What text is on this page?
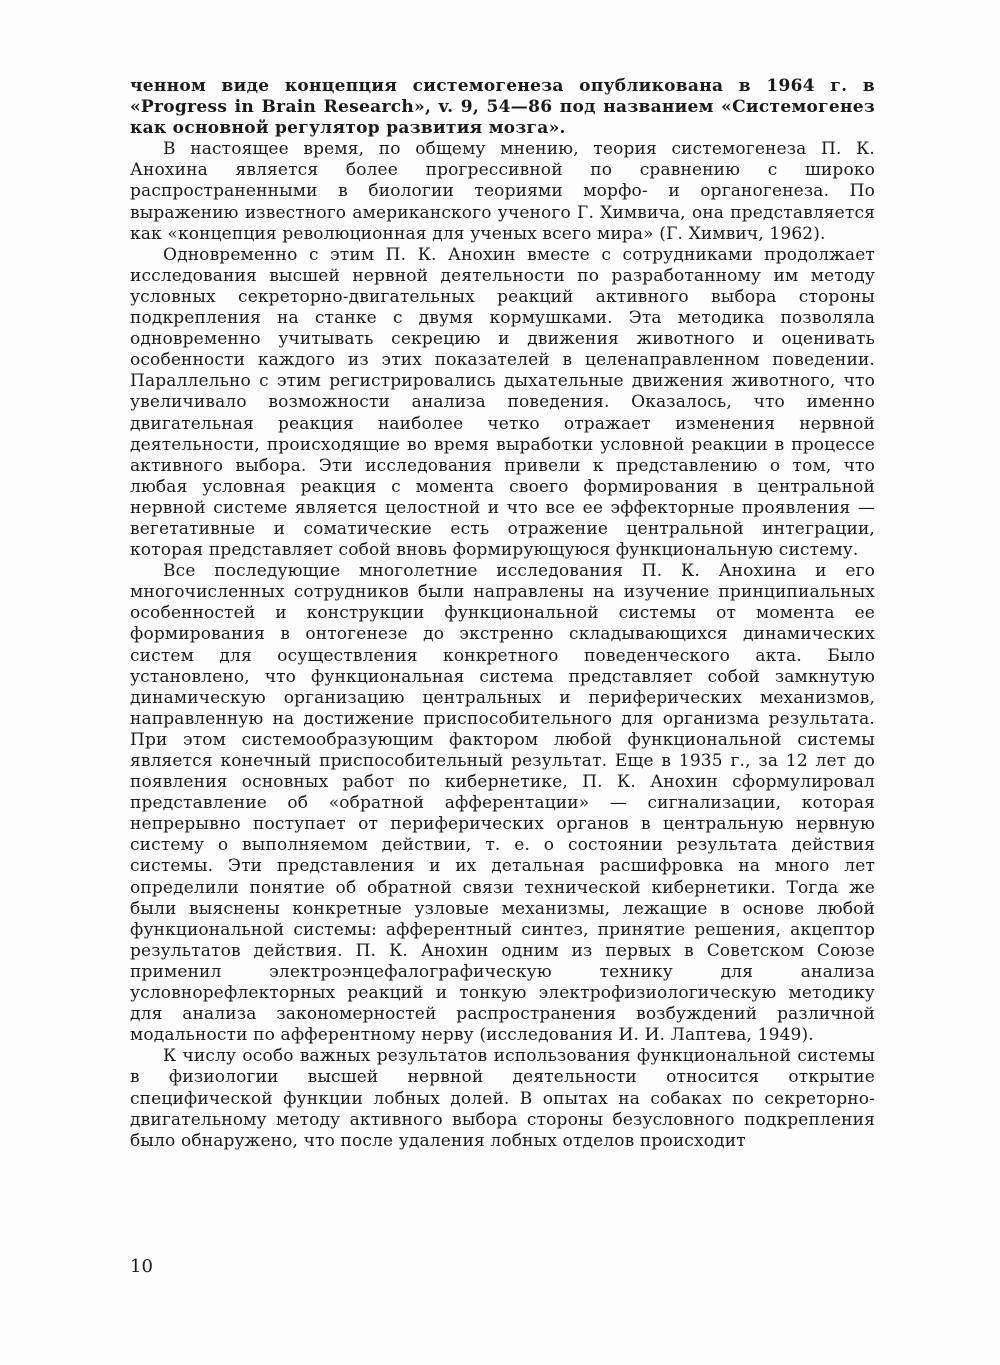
ченном виде концепция системогенеза опубликована в 1964 г. в «Progress in Brain Research», v. 9, 54—86 под названием «Системогенез как основной регулятор развития мозга».

В настоящее время, по общему мнению, теория системогенеза П. К. Анохина является более прогрессивной по сравнению с широко распространенными в биологии теориями морфо- и органогенеза. По выражению известного американского ученого Г. Химвича, она представляется как «концепция революционная для ученых всего мира» (Г. Химвич, 1962).

Одновременно с этим П. К. Анохин вместе с сотрудниками продолжает исследования высшей нервной деятельности по разработанному им методу условных секреторно-двигательных реакций активного выбора стороны подкрепления на станке с двумя кормушками. Эта методика позволяла одновременно учитывать секрецию и движения животного и оценивать особенности каждого из этих показателей в целенаправленном поведении. Параллельно с этим регистрировались дыхательные движения животного, что увеличивало возможности анализа поведения. Оказалось, что именно двигательная реакция наиболее четко отражает изменения нервной деятельности, происходящие во время выработки условной реакции в процессе активного выбора. Эти исследования привели к представлению о том, что любая условная реакция с момента своего формирования в центральной нервной системе является целостной и что все ее эффекторные проявления — вегетативные и соматические есть отражение центральной интеграции, которая представляет собой вновь формирующуюся функциональную систему.

Все последующие многолетние исследования П. К. Анохина и его многочисленных сотрудников были направлены на изучение принципиальных особенностей и конструкции функциональной системы от момента ее формирования в онтогенезе до экстренно складывающихся динамических систем для осуществления конкретного поведенческого акта. Было установлено, что функциональная система представляет собой замкнутую динамическую организацию центральных и периферических механизмов, направленную на достижение приспособительного для организма результата. При этом системообразующим фактором любой функциональной системы является конечный приспособительный результат. Еще в 1935 г., за 12 лет до появления основных работ по кибернетике, П. К. Анохин сформулировал представление об «обратной афферентации» — сигнализации, которая непрерывно поступает от периферических органов в центральную нервную систему о выполняемом действии, т. е. о состоянии результата действия системы. Эти представления и их детальная расшифровка на много лет определили понятие об обратной связи технической кибернетики. Тогда же были выяснены конкретные узловые механизмы, лежащие в основе любой функциональной системы: афферентный синтез, принятие решения, акцептор результатов действия. П. К. Анохин одним из первых в Советском Союзе применил электроэнцефалографическую технику для анализа условнорефлекторных реакций и тонкую электрофизиологическую методику для анализа закономерностей распространения возбуждений различной модальности по афферентному нерву (исследования И. И. Лаптева, 1949).

К числу особо важных результатов использования функциональной системы в физиологии высшей нервной деятельности относится открытие специфической функции лобных долей. В опытах на собаках по секреторно-двигательному методу активного выбора стороны безусловного подкрепления было обнаружено, что после удаления лобных отделов происходит

10
